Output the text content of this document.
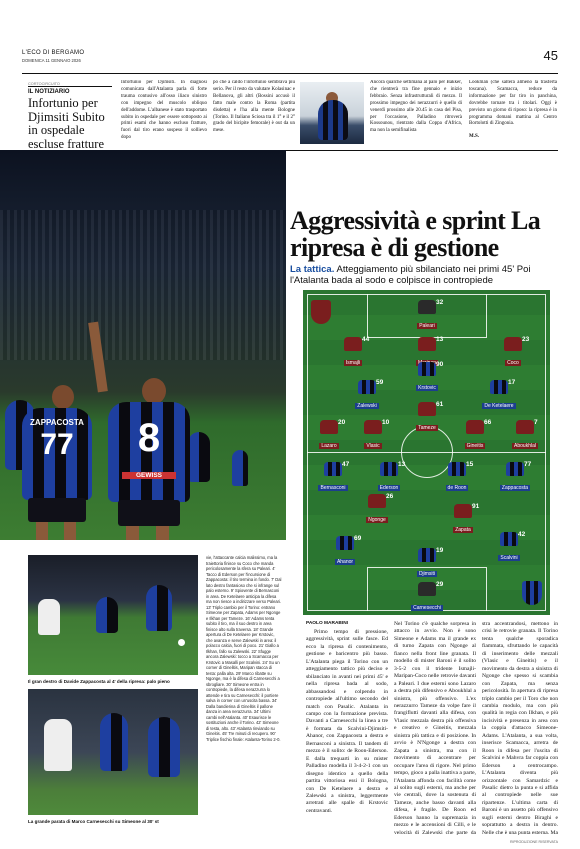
L'ECO DI BERGAMO
DOMENICA 11 GENNAIO 2026	45
CORTOCIRCUITO
IL NOTIZIARIO
Infortunio per Djimsiti Subito in ospedale escluse fratture
Infortunio per Djimsiti. In diagnosi comunicata dall'Atalanta parla di forte trauma contusivo all'osso iliaco sinistro con impegno del muscolo obliquo dell'addome. L'albanese è stato trasportato subito in ospedale per essere sottoposto ai primi esami che hanno escluso fratture, fuori dal tiro erano sospeso il sollievo dopo
po che a caldo l'infortunio sembrava più serio. Per il resto da valutare Kolasinac e Bellanova, gli altri (Bossini accusò il fatto male contro la Roma (partita disdetta) e l'ha alla mente Bologne (Torino. Il Italiano Sciosa tra il 1° e il 2° grado del bicipite femorale) è out da un mese.
Ancora qualche settimana al palo per Bakker, che rientrerà tra fine gennaio e inizio febbraio. Senza infrastrutturali di mezzo. Il prossimo impegno dei nerazzurri è quello di venerdì prossimo alle 20.45 in casa del Pisa, per l'occasione, Palladino ritroverà Kossounou, rientrato dalla Coppa d'Africa, ma non la semifinalista
Lookman (che salterà almeno la trasferta toscana). Scamacca, reduce da informazione per far tiro in panchina, dovrebbe tornare tra i titolari. Oggi è previsto un giorno di riposo: la ripresa è in programma domani mattina al Centro Bortolotti di Zingonia.
M.S.
ZAPPACOSTA
77	8
GEWISS
Aggressività e sprint La ripresa è di gestione
La tattica. Atteggiamento più sbilanciato nei primi 45' Poi l'Atalanta bada al sodo e colpisce in contropiede
Il gran destro di Davide Zappacosta al 4' della ripresa: palo pieno
La grande parata di Marco Carnesecchi su Simeone al 30' st
vie, l'attaccante calcia malissimo, ma la traiettoria finisce su Coco che manda pericolosamente la sfera su Paleari. 4' Tacco di Ederson per l'incursione di Zappacosta: il tiro termina in fondo. 7' Dal lato destro fantasioso che si infrange sul palo esterno. 9' Spiovente di Bernasconi in area. De Ketelaere anticipa la difesa ma non riesce a indirizzare verso Paleari. 13' Triplo cambio per il Torino: entrano Simeone per Zapata, Adams per Ngonge e Ilkhan per Tameze. 16' Adams tenta subito il tiro, ma il suo destro in area finisce alto sulla traversa. 18' Grande apertura di De Ketelaere per Krstovic, che avanza e serve Zalewski in area: il polacco calcia, fuori di poco. 21' Giallo a Ilkhan, fallo su Zalewski. 22' Sfugge ancora Zalewski: tocco a Scamacca per Krstovic a Masalli per Scalvini. 24' Su un corner di Ginelitis, Maripan stacca di testa: palla alta. 29' Marco ribatte su Ngonge, ma è la difesa di Carnesecchi a sbrogliare. 30' Simeone entra in contropiede, la difesa nerazzurra lo attende e tira su Carnesecchi: il portiere salva in corner con un'uscita bassa. 34' Dalla bandierina di Ginelitis il pallone danza in area nerazzurra. 34' Ultimi cambi nell'Atalanta. 40' Esaurisce le sostituzioni anche il Torino. 42' Simeone di testa, alto. 43' Atalanta rinviando su Gineitis. 45' Tre minuti di recupero. 90' Triplice fischio finale: Atalanta-Torino 2-0.
32
Paleari
44
Ismajli
13	23
Coco
90
Krstovic
59
Zalewski
17
De Ketelaere
61
Tameze
20
Lazaro
10
Vlasic
66
Gineitis
7
Aboukhlal
47
Bernasconi
13
Ederson
15
de Roon
77
Zappacosta
26
Ngonge
91
Zapata
69
Ahanor
42
Scalvini
19
Djimsiti
29
Carnesecchi
PAOLO MARABINI
Primo tempo di pressione, aggressività, sprint sulle fasce. Ed ecco la ripresa di contenimento, gestione e baricentro più basso. L'Atalanta piega il Torino con un atteggiamento tattico più deciso e sbilanciato in avanti nei primi 45' e nella ripresa bada al sodo, abbassandosi e colpendo in contropiede all'ultimo secondo del match con Pasalic. Atalanta in campo con la formazione prevista. Davanti a Carnesecchi la linea a tre è formata da Scalvini-Djimsiti-Ahanor, con Zappacosta a destra e Bernasconi a sinistra. Il tandem di mezzo è il solito: de Roon-Ederson. E dalla trequarti in su mister Palladino modella il 3-4-2-1 con un disegno identico a quello della partita vittoriosa essi il Bologna, con De Ketelaere a destra e Zalewski a sinistra, leggermente arretrati alle spalle di Krstovic centravanti.
Nel Torino c'è qualche sorpresa in attacco in avvio. Non è sono Simeone e Adams ma il grande ex di turno Zapata con Ngonge al fianco nella front line granata. Il modello di mister Baroni è il solito 3-5-2 con il tridente Ismajli-Maripan-Coco nelle retrovie davanti a Paleari. I due esterni sono Lazaro a destra più difensivo e Aboukhlal a sinistra, più offensivo. L'ex nerazzurro Tameze da volpe fare il frangiflutti davanti alla difesa, con Vlasic mezzala destra più offensiva e creativo e Gineitis, mezzala sinistra più tattica e di posizione. In avvio è N'Ngonge a destra con Zapata a sinistra, ma con il movimento di accentrare per occupare l'area di rigore. Nel primo tempo, gioco a palla inattiva a parte, l'Atalanta affonda con facilità come al solito sugli esterni, ma anche per vie centrali, dove la sostenuta di Tameze, anche basso davanti alla difesa, è fragile. De Roon ed Ederson hanno la supremazia in mezzo e le accensioni di Cilli, e le velocità di Zalewski che parte da
stra accentrandosi, mettono in crisi le retrovie granata. Il Torino tenta qualche sporadica fiammata, sfruttando le capacità di inserimento delle mezzali (Vlasic e Gineitis) e il movimento da destra a sinistra di Ngonge che spesso si scambia con Zapata, ma senza pericolosità. In apertura di ripresa triplo cambio per il Toro che non cambia modulo, ma con più qualità in regia con Ilkhan, e più incisività e presenza in area con la coppia d'attacco Simeone-Adams. L'Atalanta, a sua volta, inserisce Scamacca, arretra de Roon in difesa per l'uscita di Scalvini e Mahvra far coppia con Ederson a centrocampo. L'Atalanta diventa più orizzontale con Samardzic e Pasalic dietro la punta e si affida al contropiede nelle sue ripartenze. L'ultima carta di Baroni è un assetto più offensivo sugli esterni dentro Biraghi e soprattutto a destra in dentro. Nelle che è una punta esterna. Ma
RIPRODUZIONE RISERVATA
